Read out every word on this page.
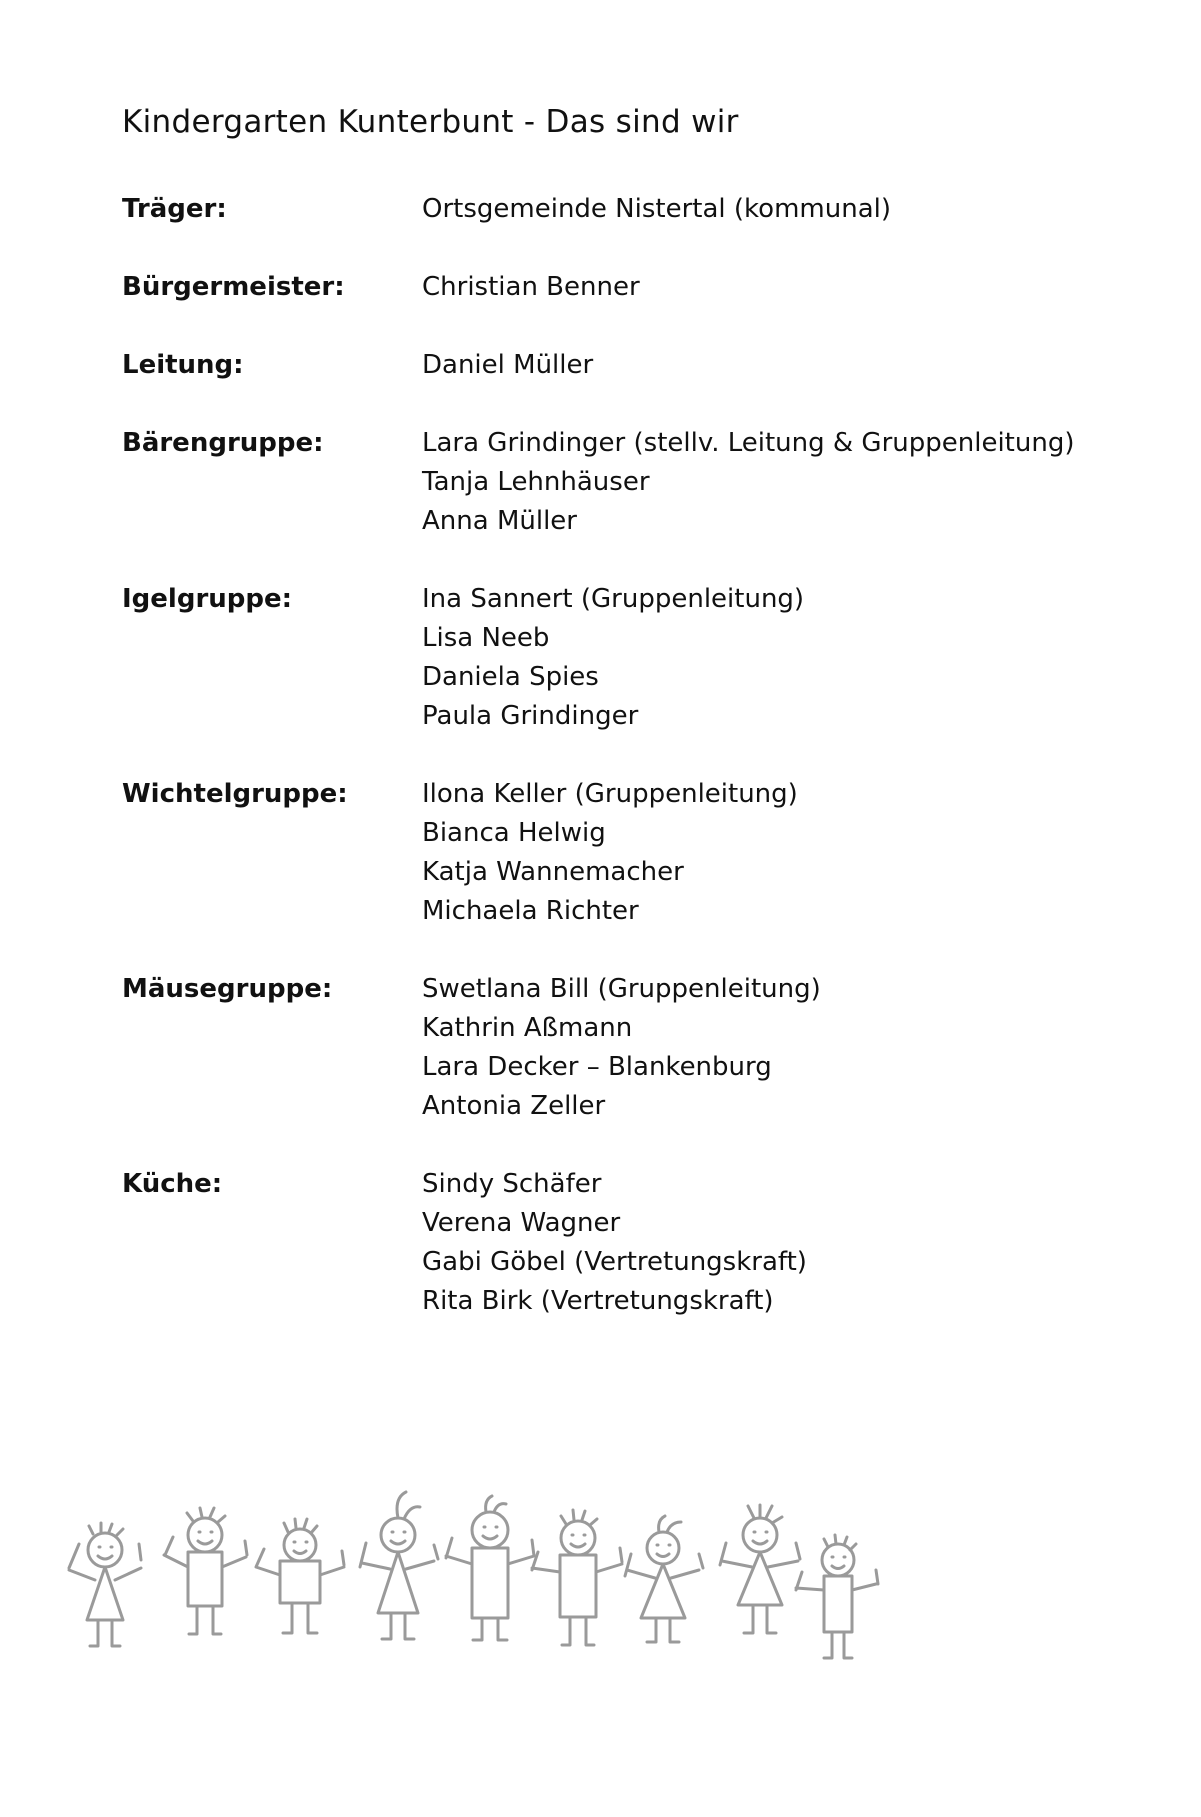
Kindergarten Kunterbunt - Das sind wir
Träger:	Ortsgemeinde Nistertal (kommunal)
Bürgermeister:	Christian Benner
Leitung:	Daniel Müller
Bärengruppe:	Lara Grindinger (stellv. Leitung & Gruppenleitung)
Tanja Lehnhäuser
Anna Müller
Igelgruppe:	Ina Sannert (Gruppenleitung)
Lisa Neeb
Daniela Spies
Paula Grindinger
Wichtelgruppe:	Ilona Keller (Gruppenleitung)
Bianca Helwig
Katja Wannemacher
Michaela Richter
Mäusegruppe:	Swetlana Bill (Gruppenleitung)
Kathrin Aßmann
Lara Decker – Blankenburg
Antonia Zeller
Küche:	Sindy Schäfer
Verena Wagner
Gabi Göbel (Vertretungskraft)
Rita Birk (Vertretungskraft)
